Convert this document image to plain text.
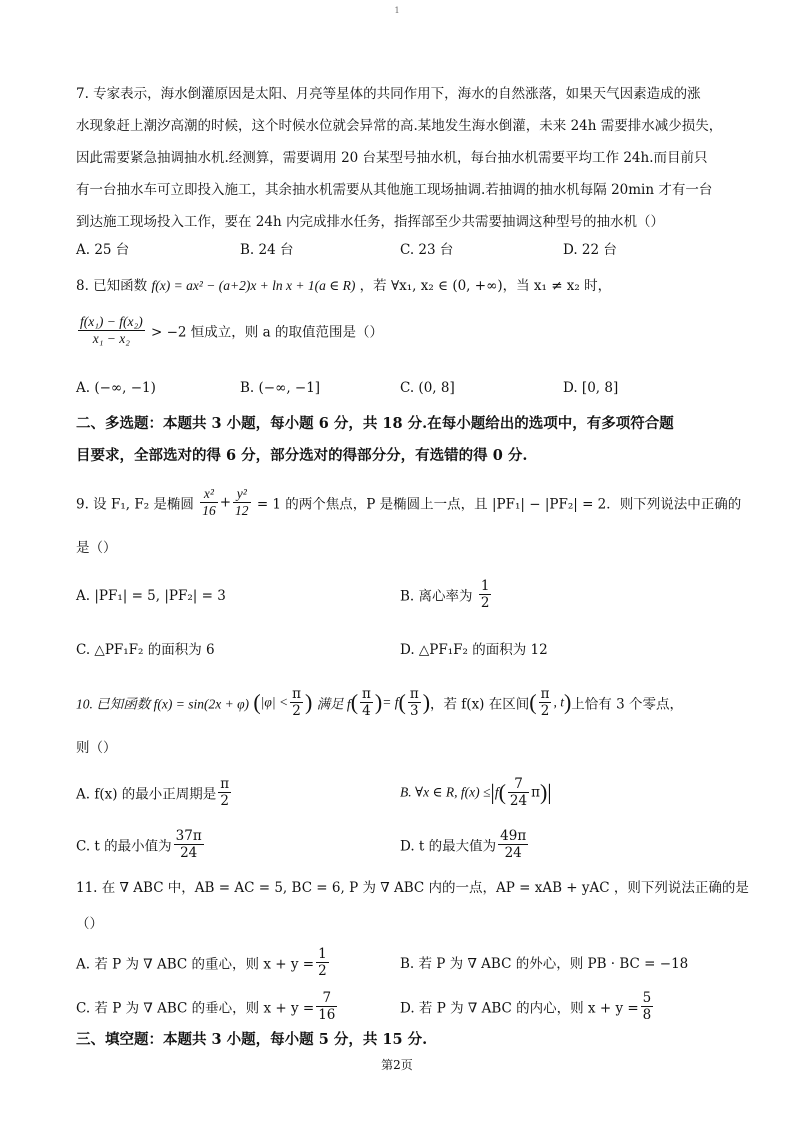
1
7. 专家表示，海水倒灌原因是太阳、月亮等星体的共同作用下，海水的自然涨落，如果天气因素造成的涨
水现象赶上潮汐高潮的时候，这个时候水位就会异常的高.某地发生海水倒灌，未来 24h 需要排水减少损失，
因此需要紧急抽调抽水机.经测算，需要调用 20 台某型号抽水机，每台抽水机需要平均工作 24h.而目前只
有一台抽水车可立即投入施工，其余抽水机需要从其他施工现场抽调.若抽调的抽水机每隔 20min 才有一台
到达施工现场投入工作，要在 24h 内完成排水任务，指挥部至少共需要抽调这种型号的抽水机（）
A. 25 台	B. 24 台	C. 23 台	D. 22 台
8. 已知函数 f(x) = ax² − (a+2)x + ln x + 1(a ∈ R) ，若 ∀x₁, x₂ ∈ (0, +∞)，当 x₁ ≠ x₂ 时，
$\frac{\text{f(x₁) − f(x₂)}}{\text{x₁ − x₂}} > -2$ 恒成立，则 a 的取值范围是（）
A. (−∞, −1)	B. (−∞, −1]	C. (0, 8]	D. [0, 8]
二、多选题：本题共 3 小题，每小题 6 分，共 18 分.在每小题给出的选项中，有多项符合题
目要求，全部选对的得 6 分，部分选对的得部分分，有选错的得 0 分.
9. 设 F₁, F₂ 是椭圆 $\frac{\text{x²}}{16} + \frac{\text{y²}}{12} = 1$ 的两个焦点，P 是椭圆上一点，且 |PF₁| − |PF₂| = 2．则下列说法中正确的
是（）
A. |PF₁| = 5, |PF₂| = 3	B. 离心率为 $\frac{1}{2}$
C. △PF₁F₂ 的面积为 6	D. △PF₁F₂ 的面积为 12
10. 已知函数 f(x) = sin(2x + φ) ($|\varphi| < \frac{\pi}{2}$ ) 满足 $f( \frac{\pi}{4}$ )= $f( \frac{\pi}{3}$ )，若 f(x) 在区间( $\frac{\pi}{2}$ , t)上恰有 3 个零点，
则（）
A. f(x) 的最小正周期是 $\frac{\pi}{2}$	B. ∀x ∈ R, $f(x) \le|f( \frac{7}{24} \pi)|$
C. t 的最小值为 $\frac{37\pi}{24}$	D. t 的最大值为 $\frac{49\pi}{24}$
11. 在 ∇ ABC 中，AB = AC = 5, BC = 6, P 为 ∇ ABC 内的一点，AP = xAB + yAC ，则下列说法正确的是
（）
A. 若 P 为 ∇ ABC 的重心，则 $x + y = \frac{1}{2}$	B. 若 P 为 ∇ ABC 的外心，则 PB · BC = −18
C. 若 P 为 ∇ ABC 的垂心，则 $x + y = \frac{7}{16}$	D. 若 P 为 ∇ ABC 的内心，则 $x + y = \frac{5}{8}$
三、填空题：本题共 3 小题，每小题 5 分，共 15 分.
第2页
